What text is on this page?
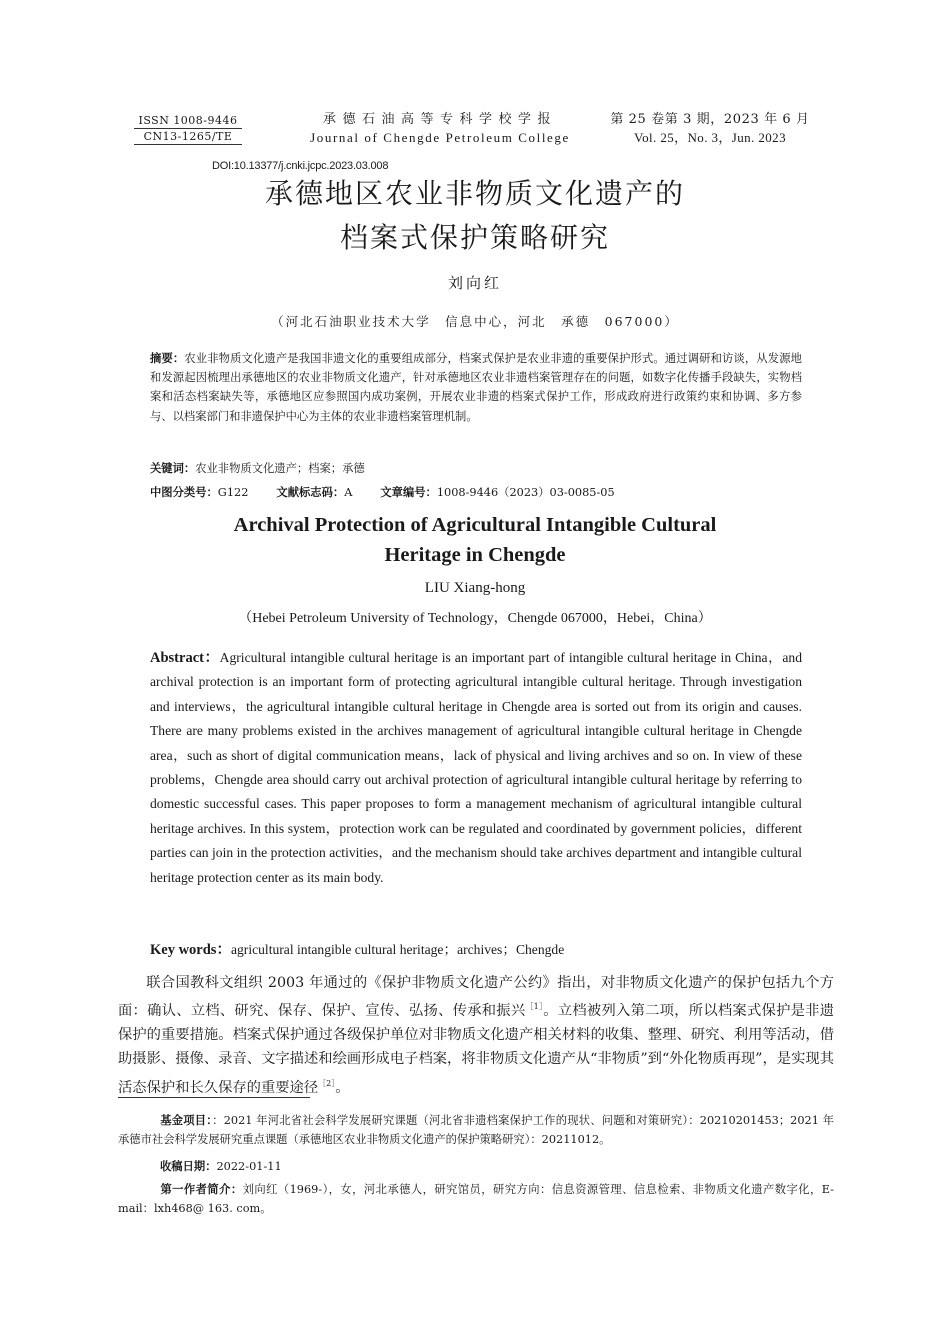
ISSN 1008-9446
CN13-1265/TE
承德石油高等专科学校学报
Journal of Chengde Petroleum College
第 25 卷第 3 期，2023 年 6 月
Vol. 25，No. 3，Jun. 2023
DOI:10.13377/j.cnki.jcpc.2023.03.008
承德地区农业非物质文化遗产的
档案式保护策略研究
刘向红
（河北石油职业技术大学　信息中心，河北　承德　067000）
摘要：农业非物质文化遗产是我国非遗文化的重要组成部分，档案式保护是农业非遗的重要保护形式。通过调研和访谈，从发源地和发源起因梳理出承德地区的农业非物质文化遗产，针对承德地区农业非遗档案管理存在的问题，如数字化传播手段缺失，实物档案和活态档案缺失等，承德地区应参照国内成功案例，开展农业非遗的档案式保护工作，形成政府进行政策约束和协调、多方参与、以档案部门和非遗保护中心为主体的农业非遗档案管理机制。
关键词：农业非物质文化遗产；档案；承德
中图分类号：G122 文献标志码：A 文章编号：1008-9446（2023）03-0085-05
Archival Protection of Agricultural Intangible Cultural
Heritage in Chengde
LIU Xiang-hong
（Hebei Petroleum University of Technology，Chengde 067000，Hebei，China）
Abstract：Agricultural intangible cultural heritage is an important part of intangible cultural heritage in China，and archival protection is an important form of protecting agricultural intangible cultural heritage. Through investigation and interviews，the agricultural intangible cultural heritage in Chengde area is sorted out from its origin and causes. There are many problems existed in the archives management of agricultural intangible cultural heritage in Chengde area，such as short of digital communication means，lack of physical and living archives and so on. In view of these problems，Chengde area should carry out archival protection of agricultural intangible cultural heritage by referring to domestic successful cases. This paper proposes to form a management mechanism of agricultural intangible cultural heritage archives. In this system，protection work can be regulated and coordinated by government policies，different parties can join in the protection activities，and the mechanism should take archives department and intangible cultural heritage protection center as its main body.
Key words：agricultural intangible cultural heritage；archives；Chengde
联合国教科文组织 2003 年通过的《保护非物质文化遗产公约》指出，对非物质文化遗产的保护包括九个方面：确认、立档、研究、保存、保护、宣传、弘扬、传承和振兴$^{[1]}$。立档被列入第二项，所以档案式保护是非遗保护的重要措施。档案式保护通过各级保护单位对非物质文化遗产相关材料的收集、整理、研究、利用等活动，借助摄影、摄像、录音、文字描述和绘画形成电子档案，将非物质文化遗产从“非物质”到“外化物质再现”，是实现其活态保护和长久保存的重要途径$^{[2]}$。
基金项目：：2021 年河北省社会科学发展研究课题（河北省非遗档案保护工作的现状、问题和对策研究）：20210201453；2021 年承德市社会科学发展研究重点课题（承德地区农业非物质文化遗产的保护策略研究）：20211012。
收稿日期：2022-01-11
第一作者简介：刘向红（1969-），女，河北承德人，研究馆员，研究方向：信息资源管理、信息检索、非物质文化遗产数字化，E-mail：lxh468@ 163. com。
